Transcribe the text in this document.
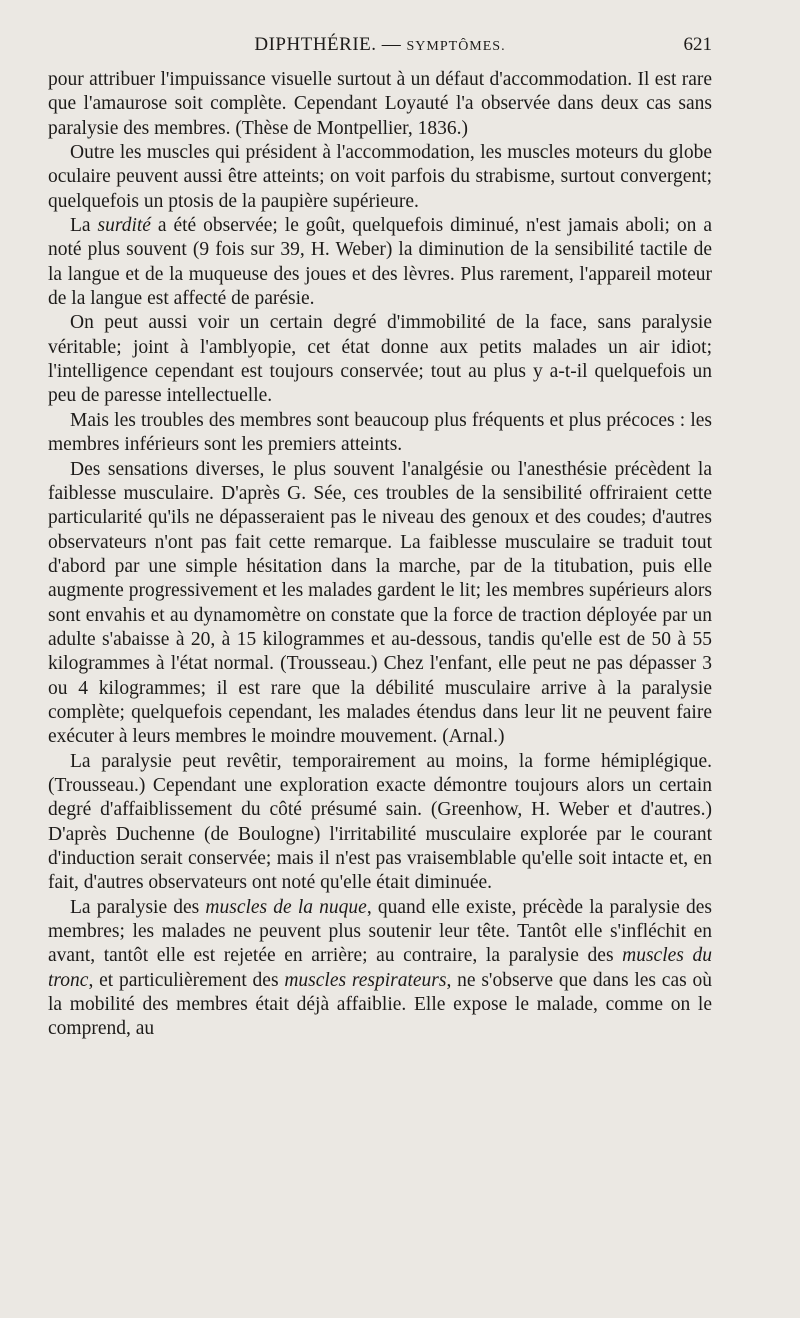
DIPHTHÉRIE. — SYMPTÔMES.	621

pour attribuer l'impuissance visuelle surtout à un défaut d'accommodation. Il est rare que l'amaurose soit complète. Cependant Loyauté l'a observée dans deux cas sans paralysie des membres. (Thèse de Montpellier, 1836.)

Outre les muscles qui président à l'accommodation, les muscles moteurs du globe oculaire peuvent aussi être atteints; on voit parfois du strabisme, surtout convergent; quelquefois un ptosis de la paupière supérieure.

La surdité a été observée; le goût, quelquefois diminué, n'est jamais aboli; on a noté plus souvent (9 fois sur 39, H. Weber) la diminution de la sensibilité tactile de la langue et de la muqueuse des joues et des lèvres. Plus rarement, l'appareil moteur de la langue est affecté de parésie.

On peut aussi voir un certain degré d'immobilité de la face, sans paralysie véritable; joint à l'amblyopie, cet état donne aux petits malades un air idiot; l'intelligence cependant est toujours conservée; tout au plus y a-t-il quelquefois un peu de paresse intellectuelle.

Mais les troubles des membres sont beaucoup plus fréquents et plus précoces : les membres inférieurs sont les premiers atteints.

Des sensations diverses, le plus souvent l'analgésie ou l'anesthésie précèdent la faiblesse musculaire. D'après G. Sée, ces troubles de la sensibilité offriraient cette particularité qu'ils ne dépasseraient pas le niveau des genoux et des coudes; d'autres observateurs n'ont pas fait cette remarque. La faiblesse musculaire se traduit tout d'abord par une simple hésitation dans la marche, par de la titubation, puis elle augmente progressivement et les malades gardent le lit; les membres supérieurs alors sont envahis et au dynamomètre on constate que la force de traction déployée par un adulte s'abaisse à 20, à 15 kilogrammes et au-dessous, tandis qu'elle est de 50 à 55 kilogrammes à l'état normal. (Trousseau.) Chez l'enfant, elle peut ne pas dépasser 3 ou 4 kilogrammes; il est rare que la débilité musculaire arrive à la paralysie complète; quelquefois cependant, les malades étendus dans leur lit ne peuvent faire exécuter à leurs membres le moindre mouvement. (Arnal.)

La paralysie peut revêtir, temporairement au moins, la forme hémiplégique. (Trousseau.) Cependant une exploration exacte démontre toujours alors un certain degré d'affaiblissement du côté présumé sain. (Greenhow, H. Weber et d'autres.) D'après Duchenne (de Boulogne) l'irritabilité musculaire explorée par le courant d'induction serait conservée; mais il n'est pas vraisemblable qu'elle soit intacte et, en fait, d'autres observateurs ont noté qu'elle était diminuée.

La paralysie des muscles de la nuque, quand elle existe, précède la paralysie des membres; les malades ne peuvent plus soutenir leur tête. Tantôt elle s'infléchit en avant, tantôt elle est rejetée en arrière; au contraire, la paralysie des muscles du tronc, et particulièrement des muscles respirateurs, ne s'observe que dans les cas où la mobilité des membres était déjà affaiblie. Elle expose le malade, comme on le comprend, au
